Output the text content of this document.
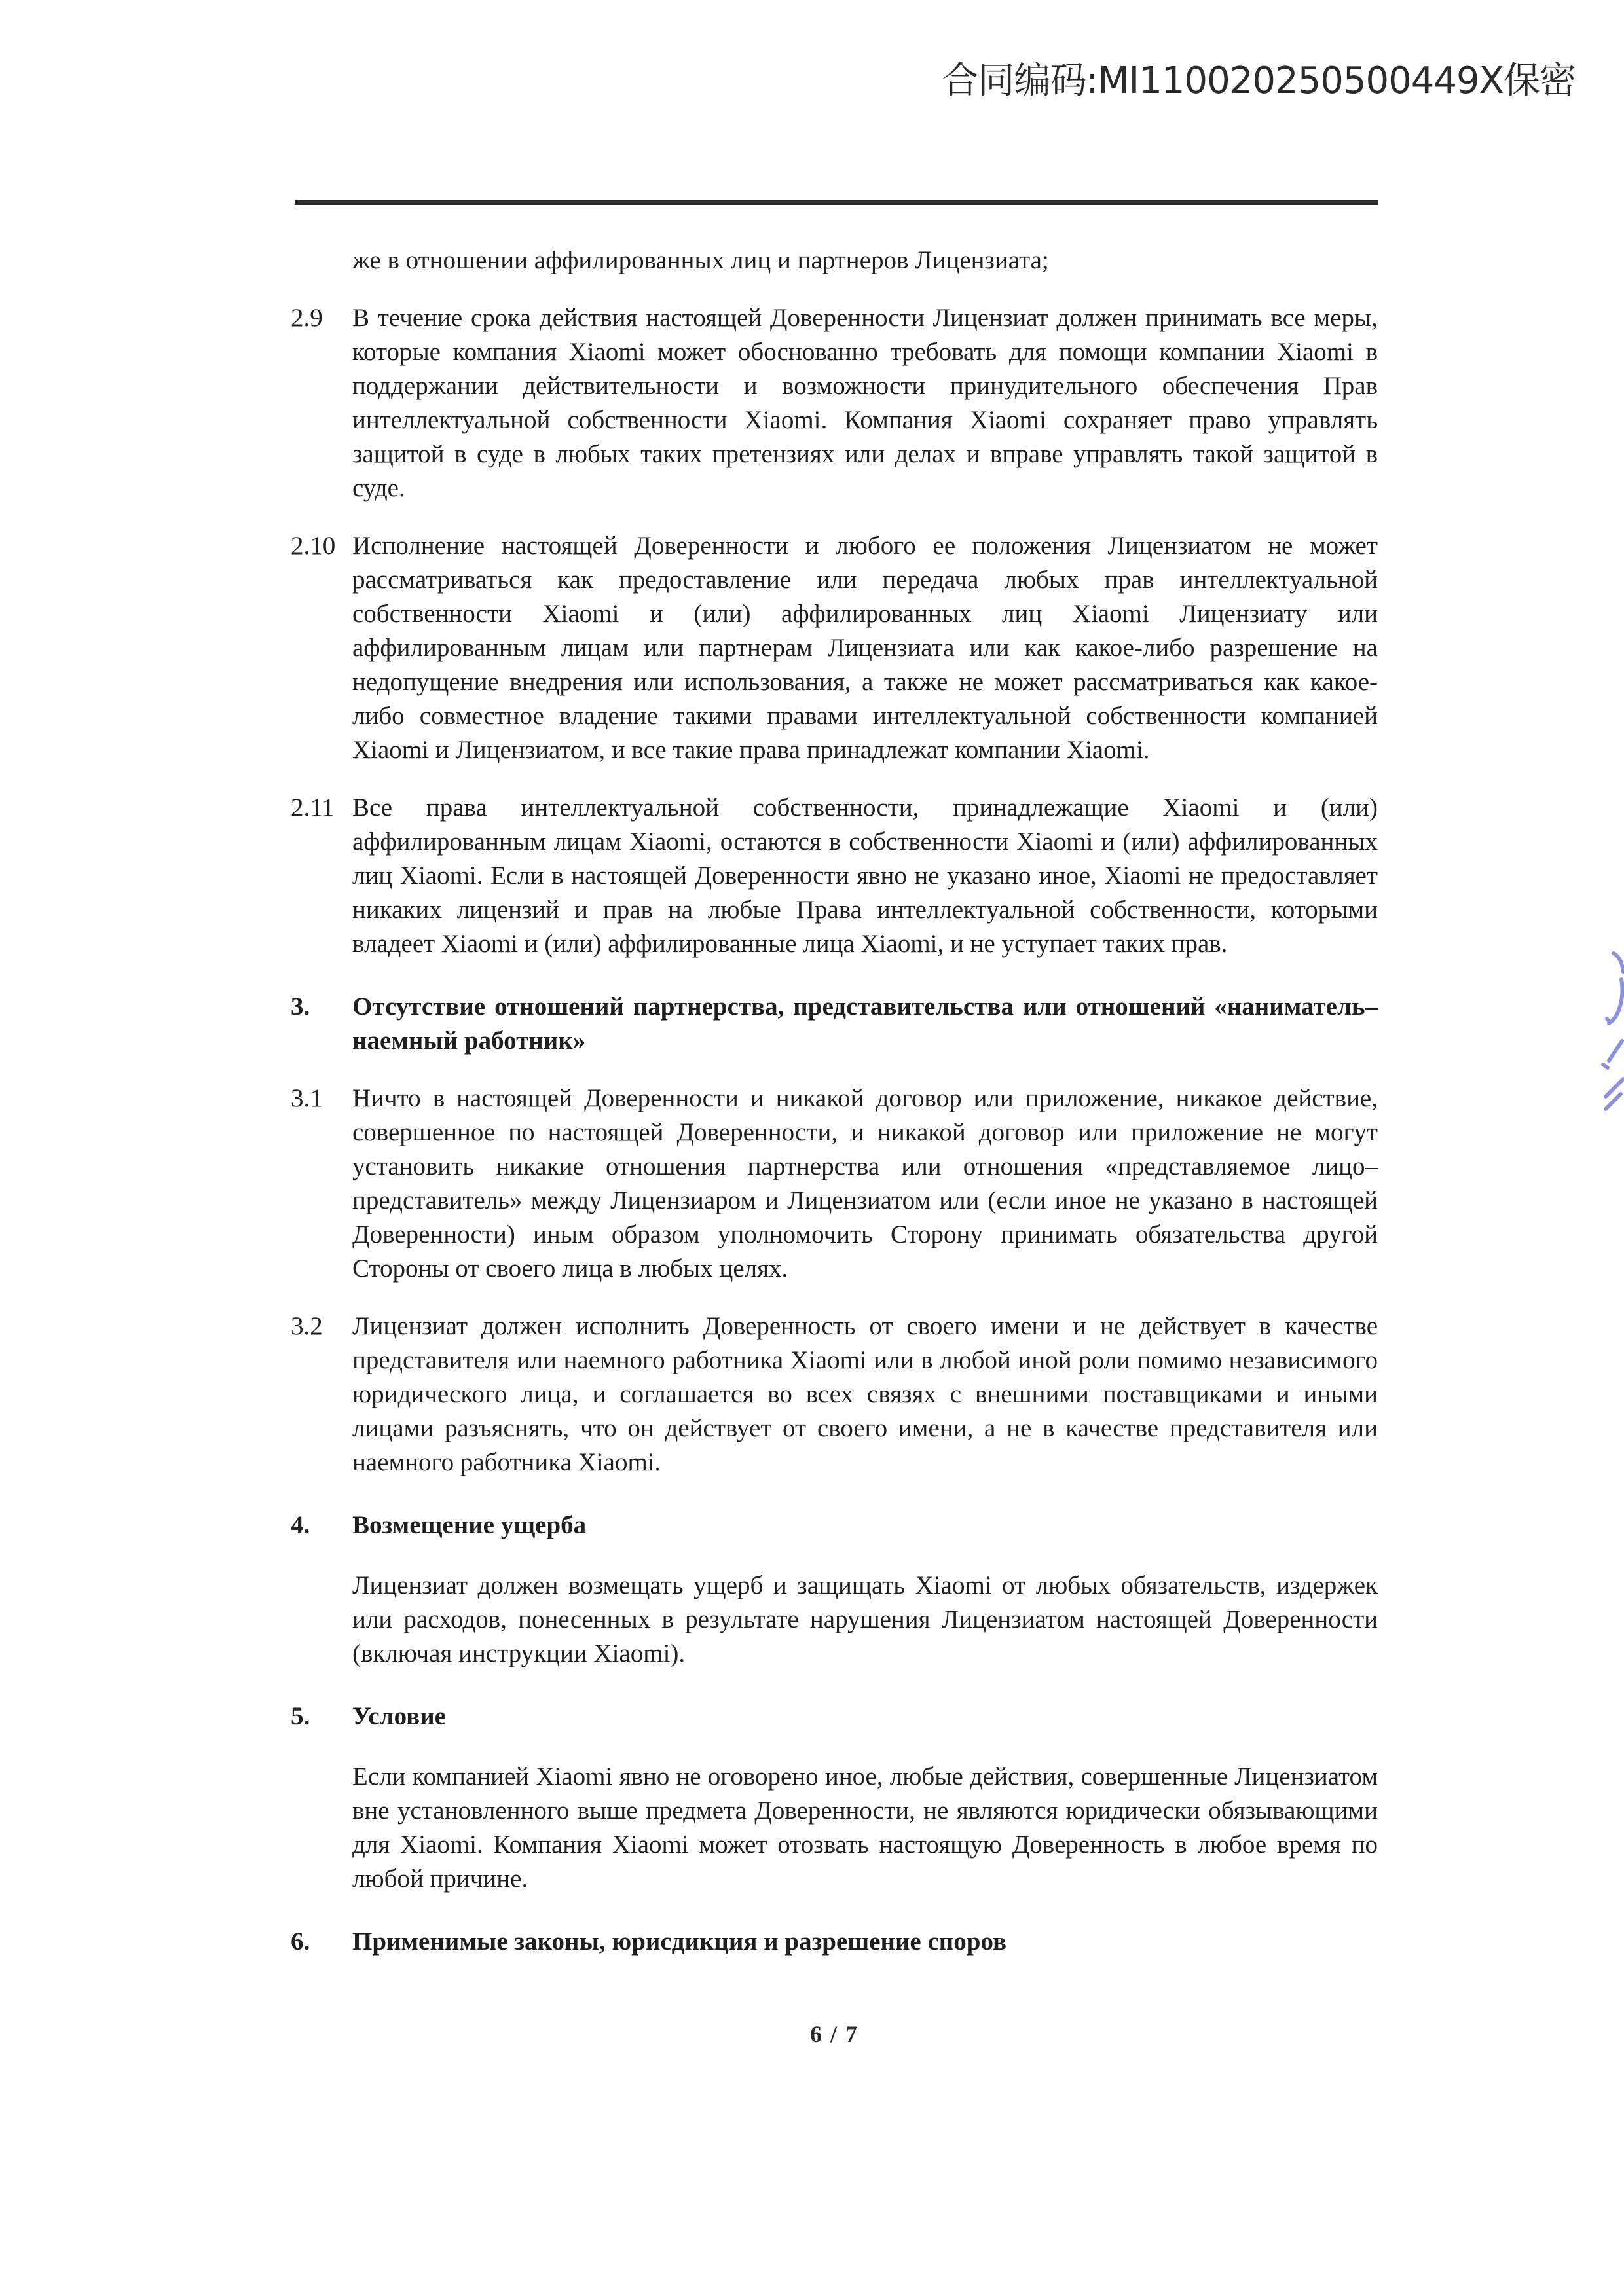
合同编码:MI110020250500449X保密
же в отношении аффилированных лиц и партнеров Лицензиата;
2.9	В течение срока действия настоящей Доверенности Лицензиат должен принимать все меры, которые компания Xiaomi может обоснованно требовать для помощи компании Xiaomi в поддержании действительности и возможности принудительного обеспечения Прав интеллектуальной собственности Xiaomi. Компания Xiaomi сохраняет право управлять защитой в суде в любых таких претензиях или делах и вправе управлять такой защитой в суде.
2.10 Исполнение настоящей Доверенности и любого ее положения Лицензиатом не может рассматриваться как предоставление или передача любых прав интеллектуальной собственности Xiaomi и (или) аффилированных лиц Xiaomi Лицензиату или аффилированным лицам или партнерам Лицензиата или как какое-либо разрешение на недопущение внедрения или использования, а также не может рассматриваться как какое-либо совместное владение такими правами интеллектуальной собственности компанией Xiaomi и Лицензиатом, и все такие права принадлежат компании Xiaomi.
2.11 Все права интеллектуальной собственности, принадлежащие Xiaomi и (или) аффилированным лицам Xiaomi, остаются в собственности Xiaomi и (или) аффилированных лиц Xiaomi. Если в настоящей Доверенности явно не указано иное, Xiaomi не предоставляет никаких лицензий и прав на любые Права интеллектуальной собственности, которыми владеет Xiaomi и (или) аффилированные лица Xiaomi, и не уступает таких прав.
3.	Отсутствие отношений партнерства, представительства или отношений «наниматель–наемный работник»
3.1	Ничто в настоящей Доверенности и никакой договор или приложение, никакое действие, совершенное по настоящей Доверенности, и никакой договор или приложение не могут установить никакие отношения партнерства или отношения «представляемое лицо–представитель» между Лицензиаром и Лицензиатом или (если иное не указано в настоящей Доверенности) иным образом уполномочить Сторону принимать обязательства другой Стороны от своего лица в любых целях.
3.2	Лицензиат должен исполнить Доверенность от своего имени и не действует в качестве представителя или наемного работника Xiaomi или в любой иной роли помимо независимого юридического лица, и соглашается во всех связях с внешними поставщиками и иными лицами разъяснять, что он действует от своего имени, а не в качестве представителя или наемного работника Xiaomi.
4.	Возмещение ущерба
Лицензиат должен возмещать ущерб и защищать Xiaomi от любых обязательств, издержек или расходов, понесенных в результате нарушения Лицензиатом настоящей Доверенности (включая инструкции Xiaomi).
5.	Условие
Если компанией Xiaomi явно не оговорено иное, любые действия, совершенные Лицензиатом вне установленного выше предмета Доверенности, не являются юридически обязывающими для Xiaomi. Компания Xiaomi может отозвать настоящую Доверенность в любое время по любой причине.
6.	Применимые законы, юрисдикция и разрешение споров
6 / 7
